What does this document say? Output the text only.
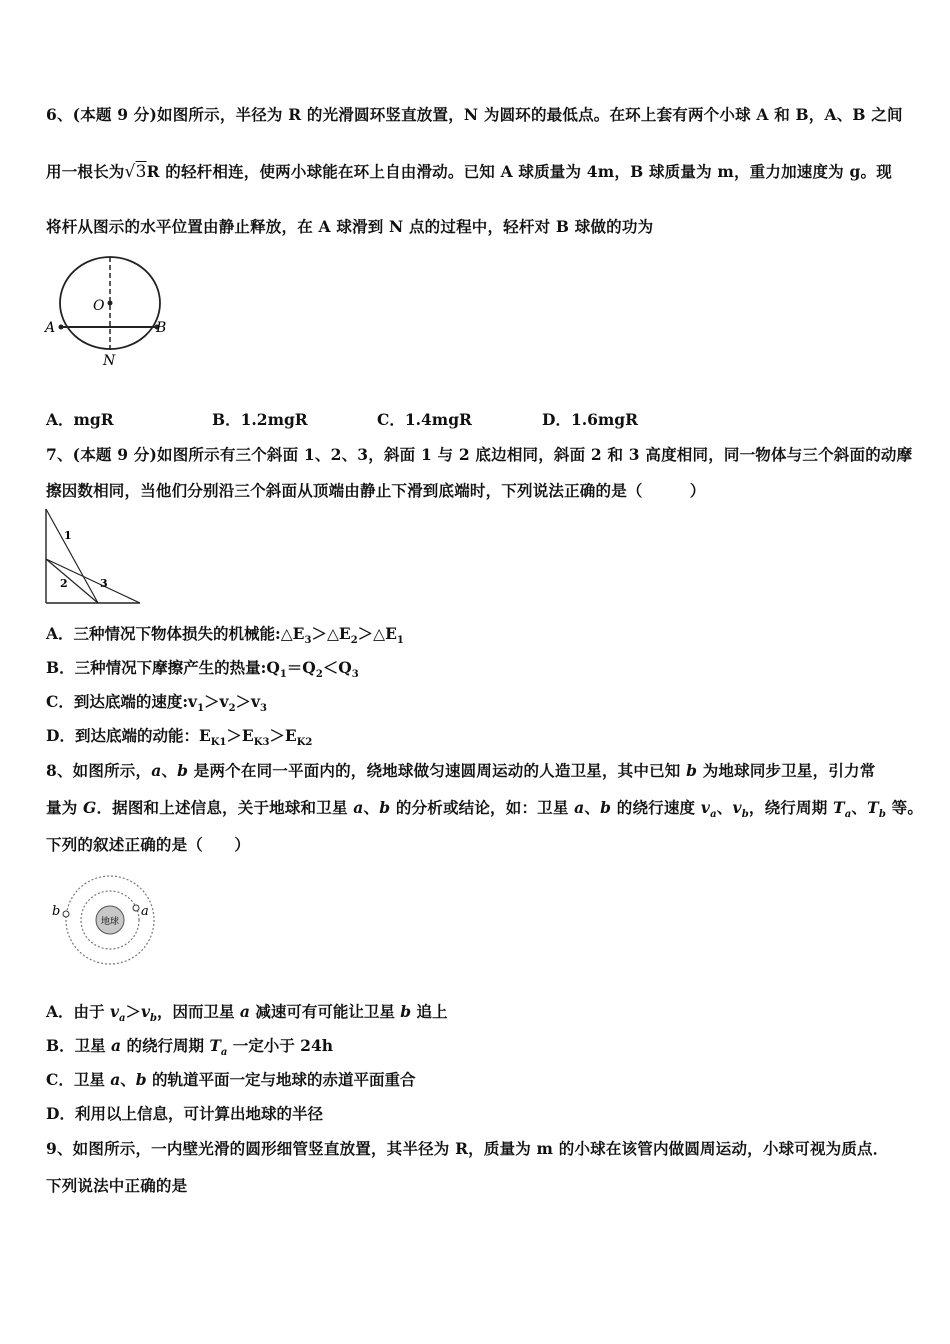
6、(本题 9 分)如图所示，半径为 R 的光滑圆环竖直放置，N 为圆环的最低点。在环上套有两个小球 A 和 B，A、B 之间
用一根长为√3R 的轻杆相连，使两小球能在环上自由滑动。已知 A 球质量为 4m，B 球质量为 m，重力加速度为 g。现
将杆从图示的水平位置由静止释放，在 A 球滑到 N 点的过程中，轻杆对 B 球做的功为
O
A	B
N
A．mgR	B．1.2mgR	C．1.4mgR	D．1.6mgR
7、(本题 9 分)如图所示有三个斜面 1、2、3，斜面 1 与 2 底边相同，斜面 2 和 3 高度相同，同一物体与三个斜面的动摩
擦因数相同，当他们分别沿三个斜面从顶端由静止下滑到底端时，下列说法正确的是（　　　）
1
2	3
A．三种情况下物体损失的机械能$:\triangle E_3>\triangle E_2>\triangle E_1$
B．三种情况下摩擦产生的热量$:Q_1=Q_2<Q_3$
C．到达底端的速度$:v_1>v_2>v_3$
D．到达底端的动能：$E_{K1}>E_{K3}>E_{K2}$
8、如图所示，a、b 是两个在同一平面内的，绕地球做匀速圆周运动的人造卫星，其中已知 b 为地球同步卫星，引力常
量为 G．据图和上述信息，关于地球和卫星 a、b 的分析或结论，如：卫星 a、b 的绕行速度 $v_a$、$v_b$，绕行周期 $T_a$、$T_b$ 等。
下列的叙述正确的是（　　）
地球
a
b
A．由于 $v_a>v_b$，因而卫星 a 减速可有可能让卫星 b 追上
B．卫星 a 的绕行周期 $T_a$ 一定小于 24h
C．卫星 a、b 的轨道平面一定与地球的赤道平面重合
D．利用以上信息，可计算出地球的半径
9、如图所示，一内壁光滑的圆形细管竖直放置，其半径为 R，质量为 m 的小球在该管内做圆周运动，小球可视为质点．
下列说法中正确的是
